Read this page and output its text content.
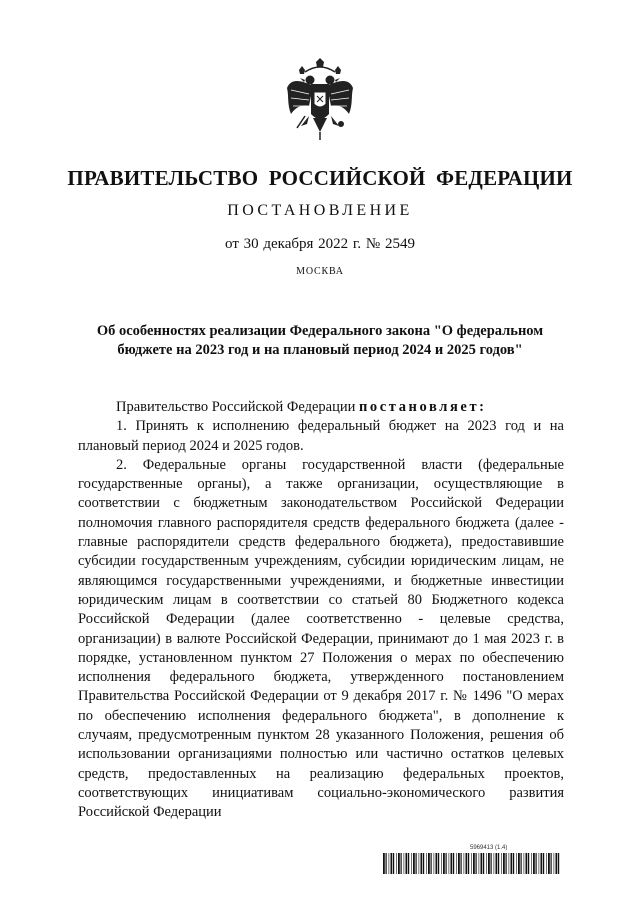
ПРАВИТЕЛЬСТВО РОССИЙСКОЙ ФЕДЕРАЦИИ
ПОСТАНОВЛЕНИЕ
от 30 декабря 2022 г. № 2549
МОСКВА
Об особенностях реализации Федерального закона "О федеральном
бюджете на 2023 год и на плановый период 2024 и 2025 годов"

Правительство Российской Федерации постановляет:

1. Принять к исполнению федеральный бюджет на 2023 год и на плановый период 2024 и 2025 годов.

2. Федеральные органы государственной власти (федеральные государственные органы), а также организации, осуществляющие в соответствии с бюджетным законодательством Российской Федерации полномочия главного распорядителя средств федерального бюджета (далее - главные распорядители средств федерального бюджета), предоставившие субсидии государственным учреждениям, субсидии юридическим лицам, не являющимся государственными учреждениями, и бюджетные инвестиции юридическим лицам в соответствии со статьей 80 Бюджетного кодекса Российской Федерации (далее соответственно - целевые средства, организации) в валюте Российской Федерации, принимают до 1 мая 2023 г. в порядке, установленном пунктом 27 Положения о мерах по обеспечению исполнения федерального бюджета, утвержденного постановлением Правительства Российской Федерации от 9 декабря 2017 г. № 1496 "О мерах по обеспечению исполнения федерального бюджета", в дополнение к случаям, предусмотренным пунктом 28 указанного Положения, решения об использовании организациями полностью или частично остатков целевых средств, предоставленных на реализацию федеральных проектов, соответствующих инициативам социально-экономического развития Российской Федерации

5969413 (1.4)
